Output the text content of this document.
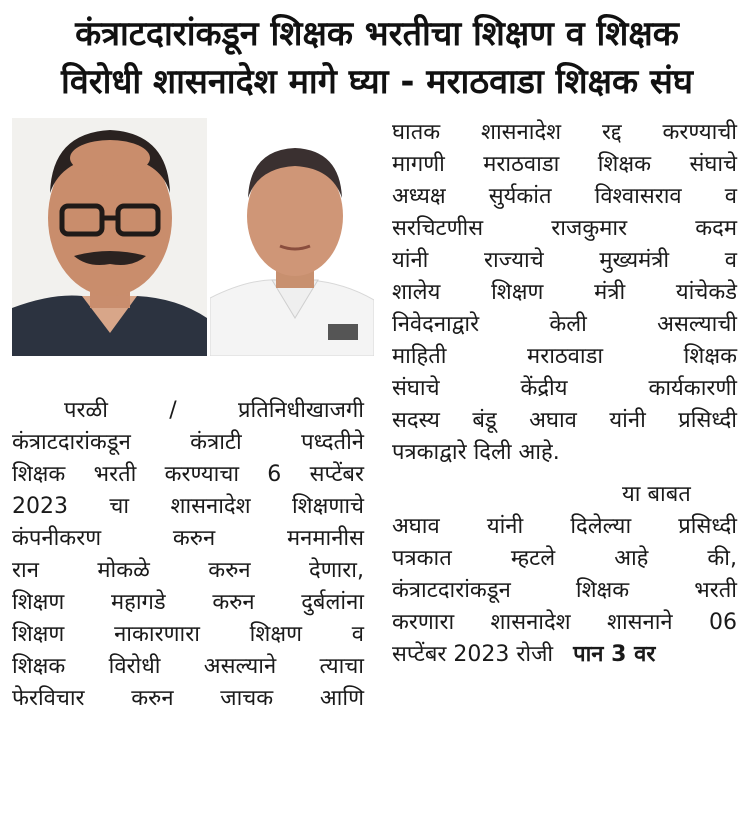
कंत्राटदारांकडून शिक्षक भरतीचा शिक्षण व शिक्षक
विरोधी शासनादेश मागे घ्या - मराठवाडा शिक्षक संघ

परळी / प्रतिनिधीखाजगी

कंत्राटदारांकडून कंत्राटी पध्दतीने

शिक्षक भरती करण्याचा 6 सप्टेंबर

2023 चा शासनादेश शिक्षणाचे

कंपनीकरण करुन मनमानीस

रान मोकळे करुन देणारा,

शिक्षण महागडे करुन दुर्बलांना

शिक्षण नाकारणारा शिक्षण व

शिक्षक विरोधी असल्याने त्याचा

फेरविचार करुन जाचक आणि

घातक शासनादेश रद्द करण्याची

मागणी मराठवाडा शिक्षक संघाचे

अध्यक्ष सुर्यकांत विश्वासराव व

सरचिटणीस राजकुमार कदम

यांनी राज्याचे मुख्यमंत्री व

शालेय शिक्षण मंत्री यांचेकडे

निवेदनाद्वारे केली असल्याची

माहिती मराठवाडा शिक्षक

संघाचे केंद्रीय कार्यकारणी

सदस्य बंडू अघाव यांनी प्रसिध्दी

पत्रकाद्वारे दिली आहे.

या बाबत

अघाव यांनी दिलेल्या प्रसिध्दी

पत्रकात म्हटले आहे की,

कंत्राटदारांकडून शिक्षक भरती

करणारा शासनादेश शासनाने 06

सप्टेंबर 2023 रोजी पान 3 वर
